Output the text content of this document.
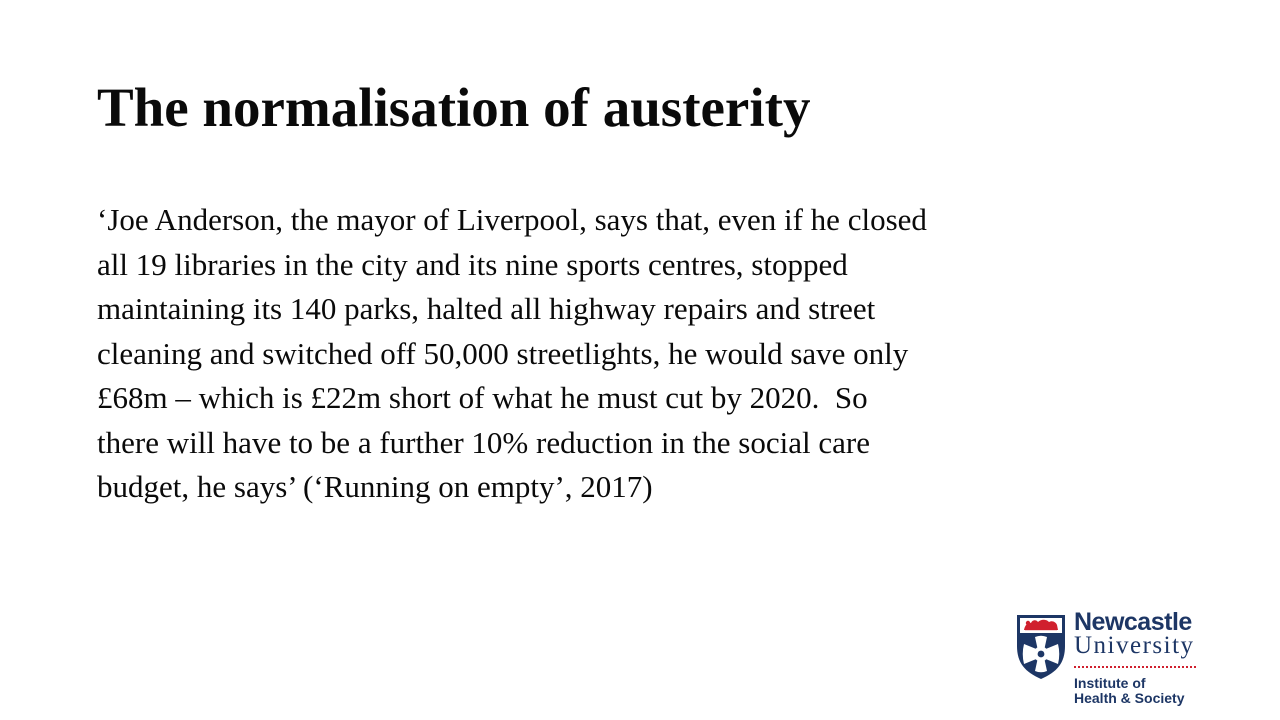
The normalisation of austerity
‘Joe Anderson, the mayor of Liverpool, says that, even if he closed
all 19 libraries in the city and its nine sports centres, stopped
maintaining its 140 parks, halted all highway repairs and street
cleaning and switched off 50,000 streetlights, he would save only
£68m – which is £22m short of what he must cut by 2020.  So
there will have to be a further 10% reduction in the social care
budget, he says’ (‘Running on empty’, 2017)
Newcastle
University
Institute of
Health & Society
